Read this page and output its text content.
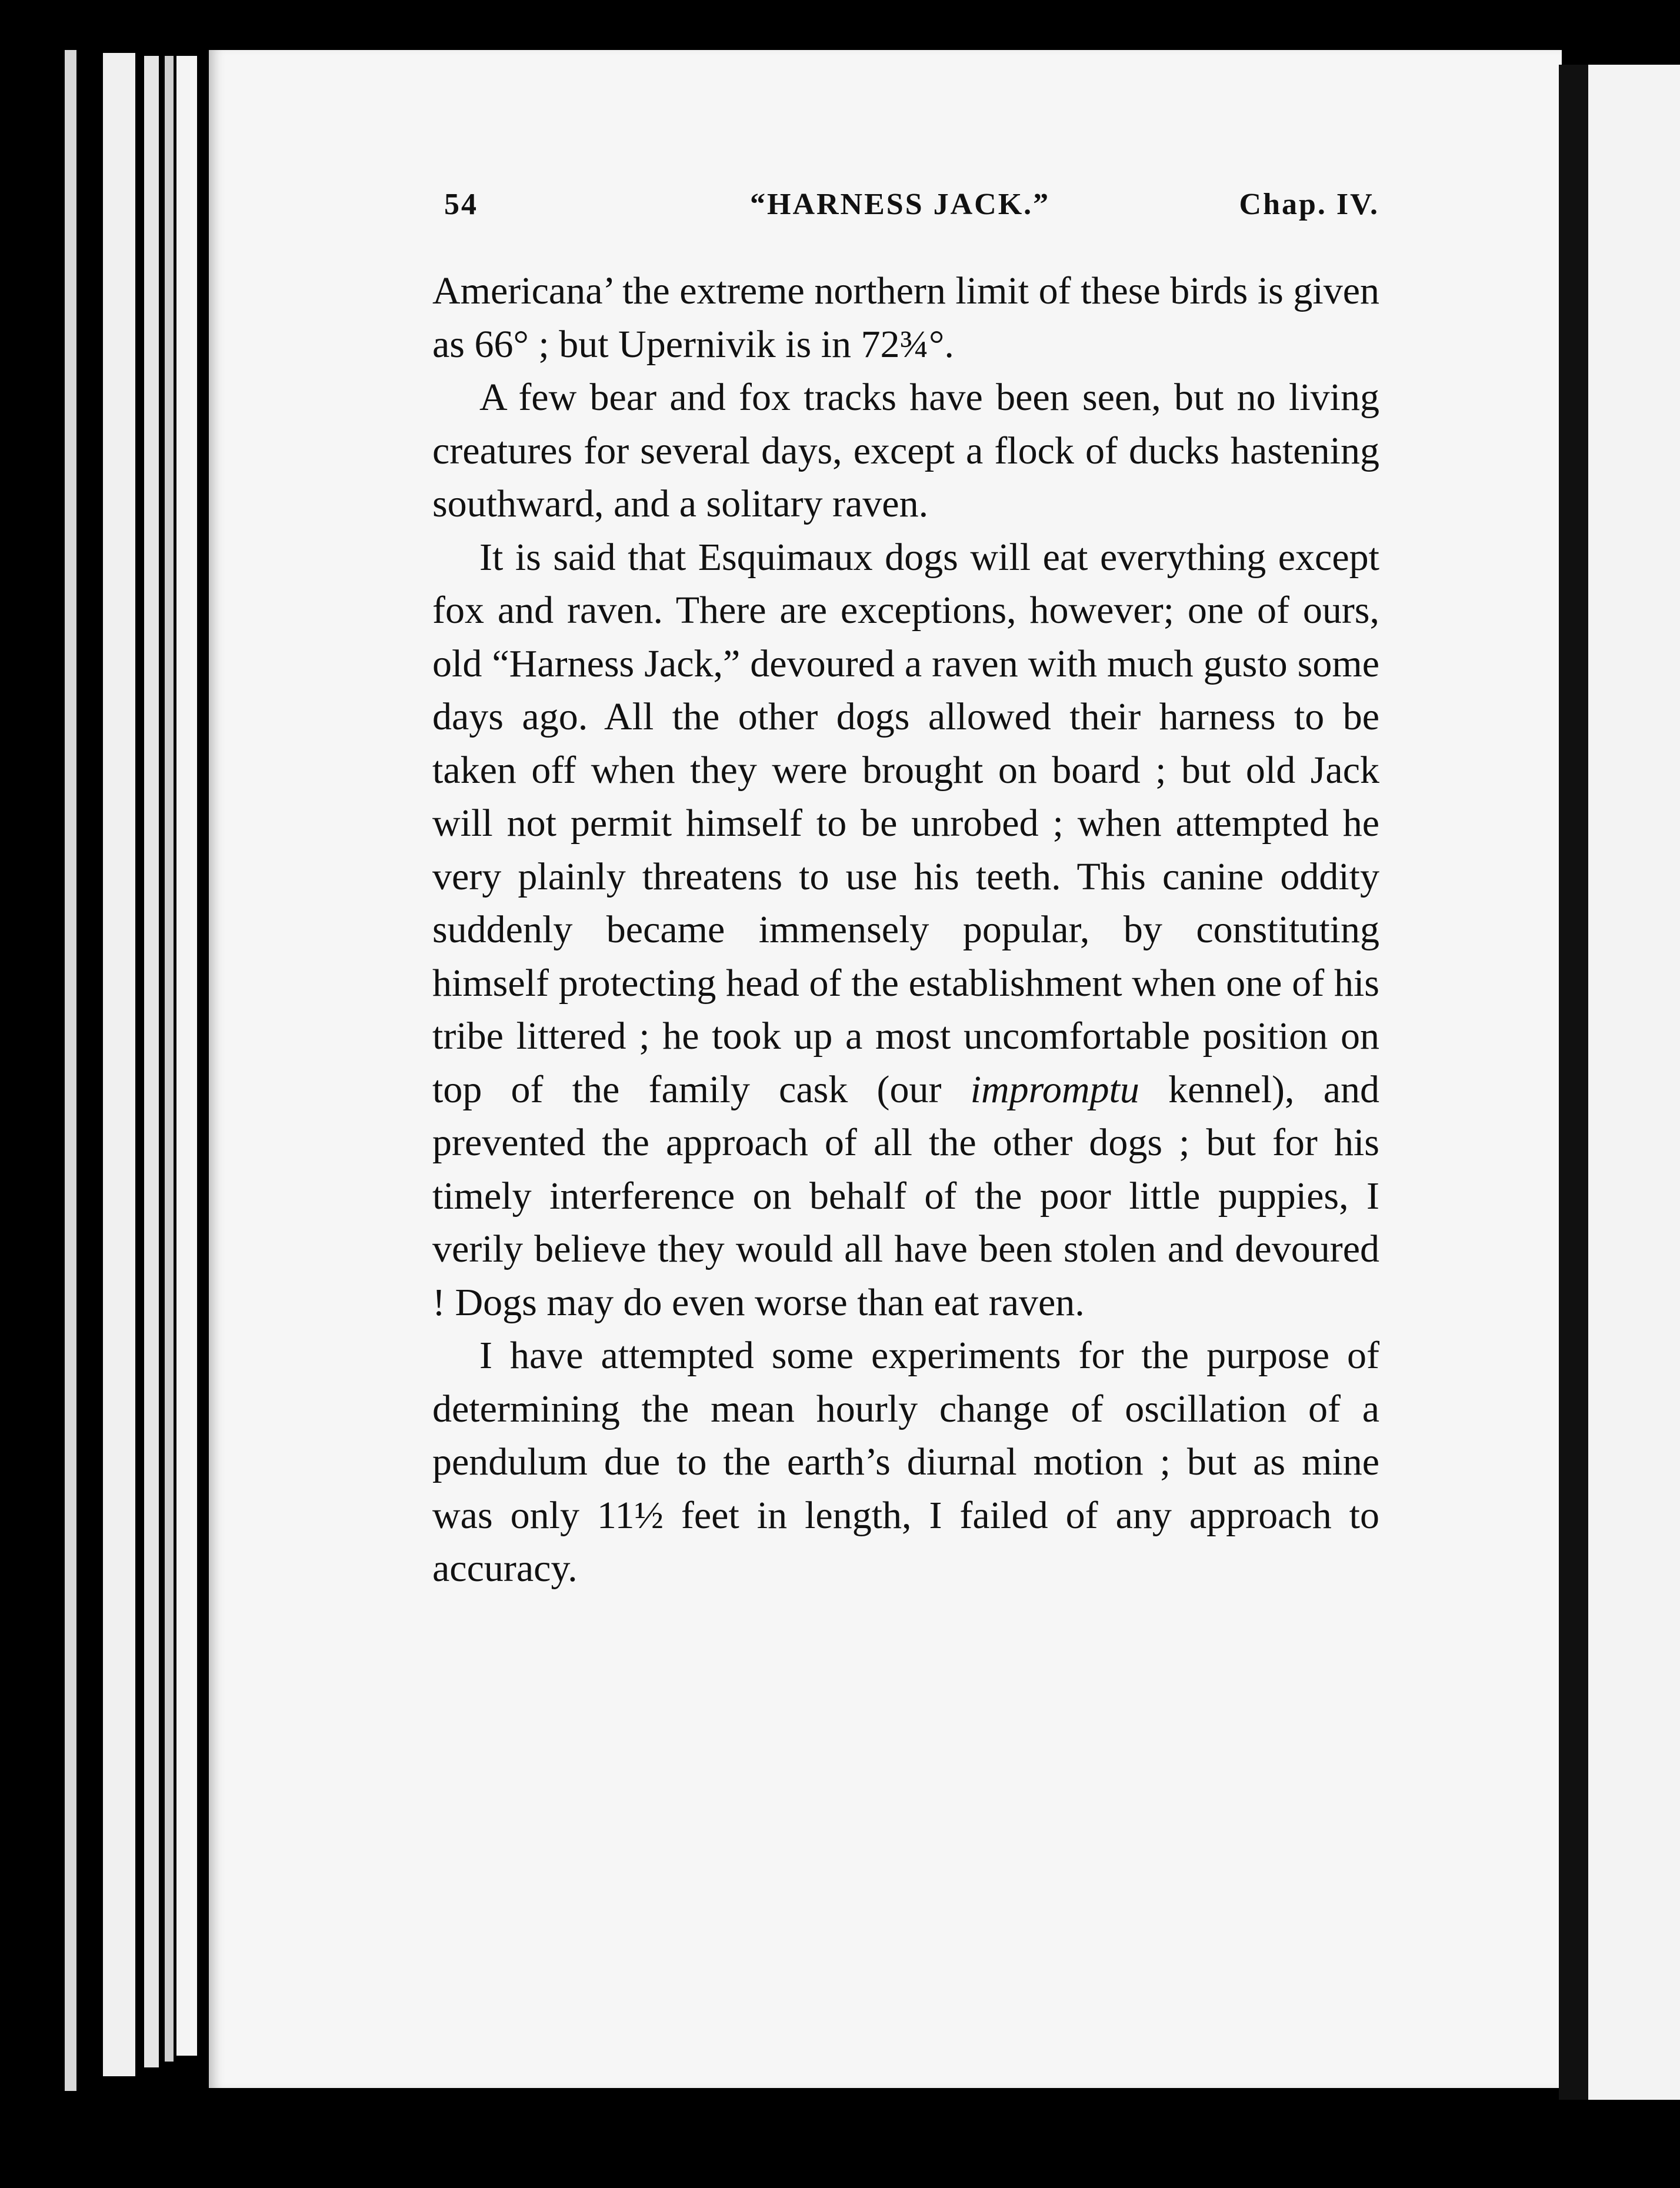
54	“HARNESS JACK.”	Chap. IV.

Americana’ the extreme northern limit of these birds is given as 66° ; but Upernivik is in 72¾°.

A few bear and fox tracks have been seen, but no living creatures for several days, except a flock of ducks hastening southward, and a solitary raven.

It is said that Esquimaux dogs will eat everything except fox and raven. There are exceptions, however; one of ours, old “Harness Jack,” devoured a raven with much gusto some days ago. All the other dogs allowed their harness to be taken off when they were brought on board ; but old Jack will not permit himself to be unrobed ; when attempted he very plainly threatens to use his teeth. This canine oddity suddenly became immensely popular, by constituting himself protecting head of the establishment when one of his tribe littered ; he took up a most uncomfortable position on top of the family cask (our impromptu kennel), and prevented the approach of all the other dogs ; but for his timely interference on behalf of the poor little puppies, I verily believe they would all have been stolen and devoured ! Dogs may do even worse than eat raven.

I have attempted some experiments for the purpose of determining the mean hourly change of oscillation of a pendulum due to the earth’s diurnal motion ; but as mine was only 11½ feet in length, I failed of any approach to accuracy.
